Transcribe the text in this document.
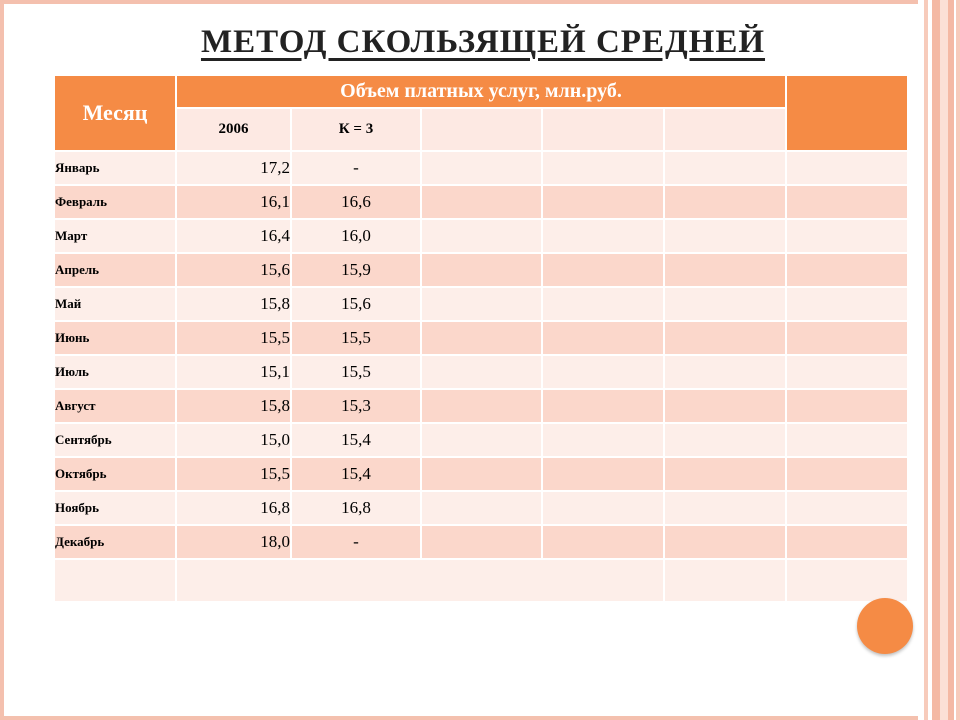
МЕТОД СКОЛЬЗЯЩЕЙ СРЕДНЕЙ
Месяц	Объем платных услуг, млн.руб.					
	2006	К = 3				
Январь	17,2	-				
Февраль	16,1	16,6				
Март	16,4	16,0				
Апрель	15,6	15,9				
Май	15,8	15,6				
Июнь	15,5	15,5				
Июль	15,1	15,5				
Август	15,8	15,3				
Сентябрь	15,0	15,4				
Октябрь	15,5	15,4				
Ноябрь	16,8	16,8				
Декабрь	18,0	-				
